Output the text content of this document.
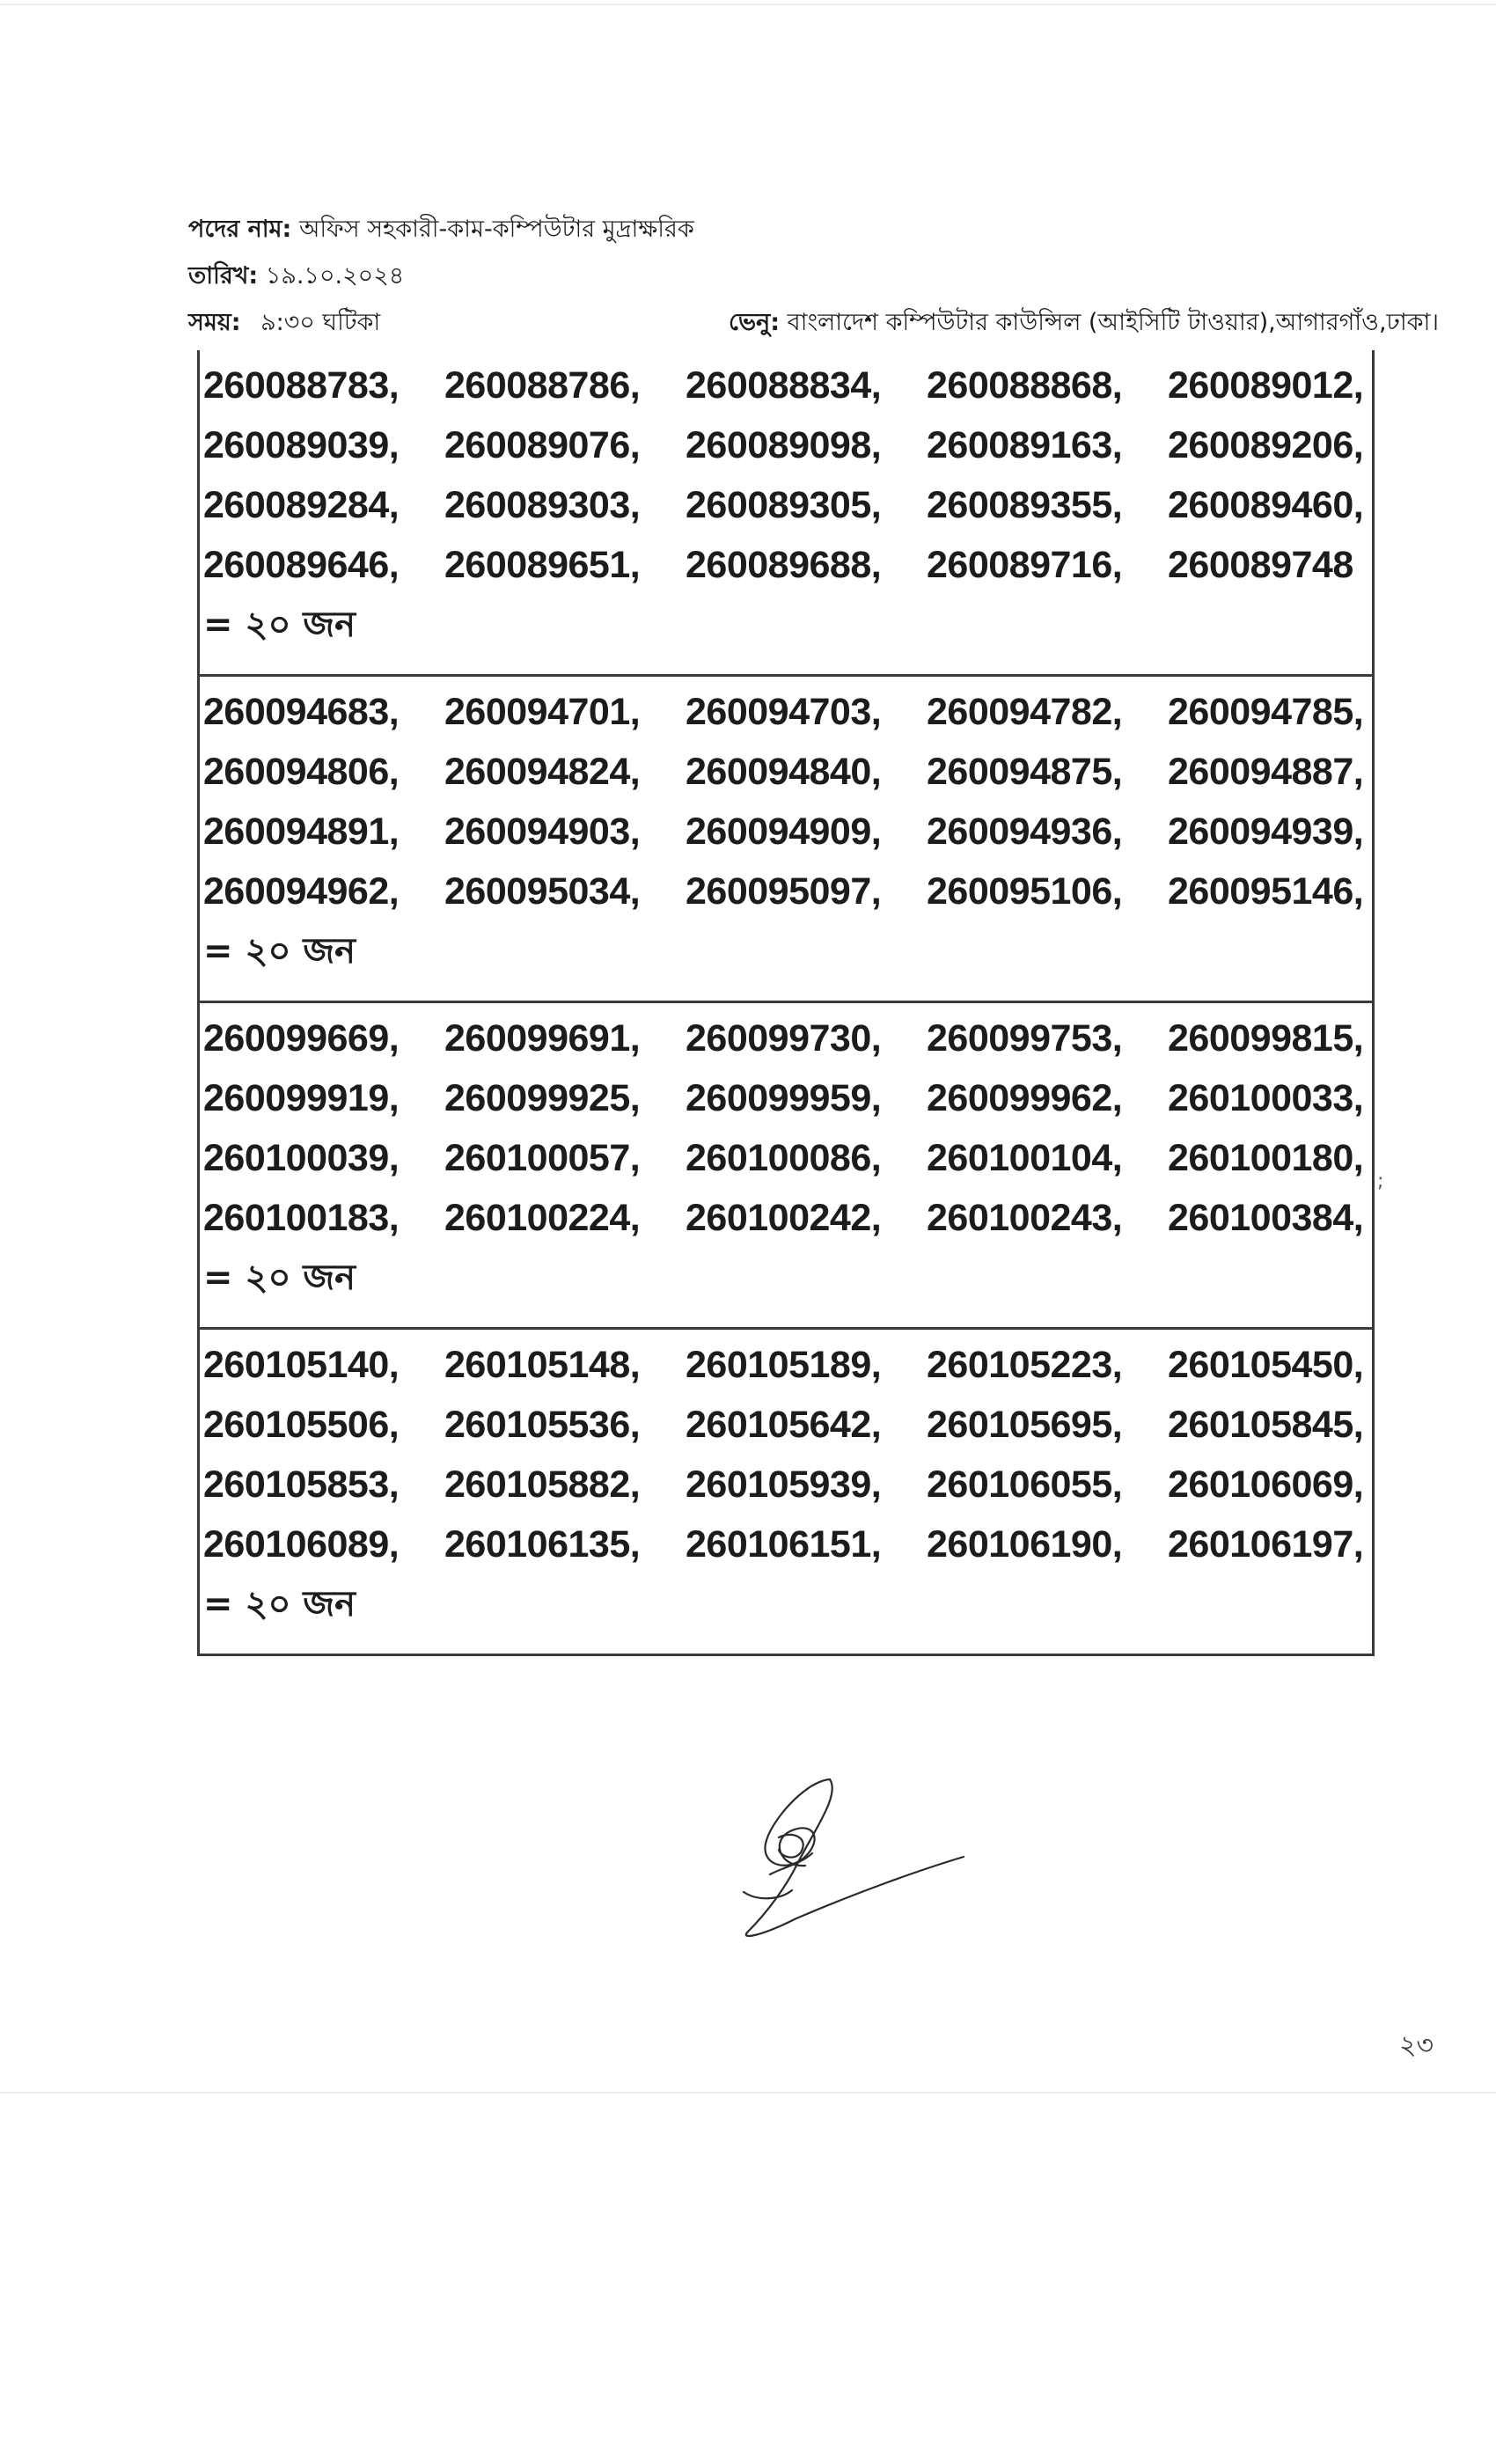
পদের নাম: অফিস সহকারী-কাম-কম্পিউটার মুদ্রাক্ষরিক
তারিখ: ১৯.১০.২০২৪
সময়: ৯:৩০ ঘটিকা	ভেনু: বাংলাদেশ কম্পিউটার কাউন্সিল (আইসিটি টাওয়ার),আগারগাঁও,ঢাকা।
260088783,	260088786,	260088834,	260088868,	260089012,
260089039,	260089076,	260089098,	260089163,	260089206,
260089284,	260089303,	260089305,	260089355,	260089460,
260089646,	260089651,	260089688,	260089716,	260089748
= ২০ জন
260094683,	260094701,	260094703,	260094782,	260094785,
260094806,	260094824,	260094840,	260094875,	260094887,
260094891,	260094903,	260094909,	260094936,	260094939,
260094962,	260095034,	260095097,	260095106,	260095146,
= ২০ জন
260099669,	260099691,	260099730,	260099753,	260099815,
260099919,	260099925,	260099959,	260099962,	260100033,
260100039,	260100057,	260100086,	260100104,	260100180,
260100183,	260100224,	260100242,	260100243,	260100384,
= ২০ জন
260105140,	260105148,	260105189,	260105223,	260105450,
260105506,	260105536,	260105642,	260105695,	260105845,
260105853,	260105882,	260105939,	260106055,	260106069,
260106089,	260106135,	260106151,	260106190,	260106197,
= ২০ জন
;
২৩
